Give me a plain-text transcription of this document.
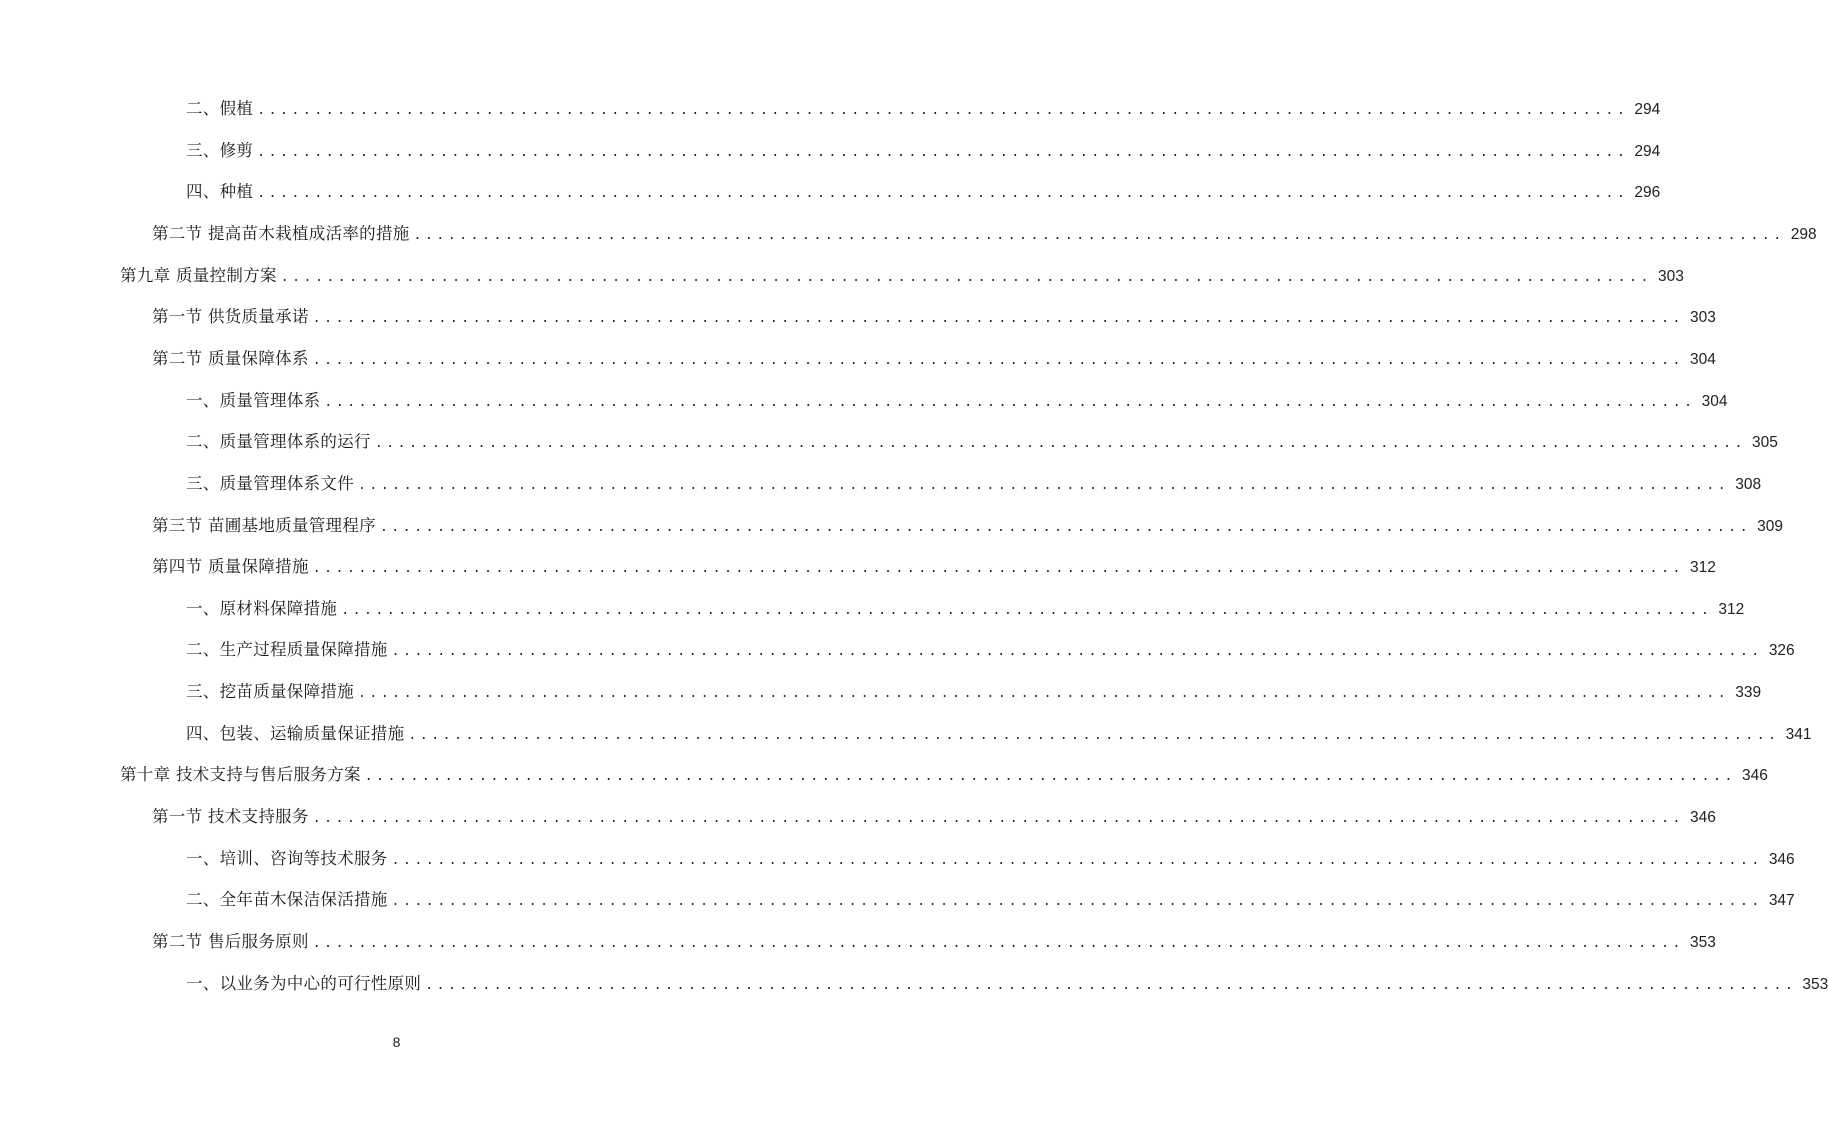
二、假植 ........................................................................................................................ 294
三、修剪 ........................................................................................................................ 294
四、种植 ........................................................................................................................ 296
第二节 提高苗木栽植成活率的措施 ........................................................................................................................ 298
第九章 质量控制方案 ........................................................................................................................ 303
第一节 供货质量承诺 ........................................................................................................................ 303
第二节 质量保障体系 ........................................................................................................................ 304
一、质量管理体系 ........................................................................................................................ 304
二、质量管理体系的运行 ........................................................................................................................ 305
三、质量管理体系文件 ........................................................................................................................ 308
第三节 苗圃基地质量管理程序 ........................................................................................................................ 309
第四节 质量保障措施 ........................................................................................................................ 312
一、原材料保障措施 ........................................................................................................................ 312
二、生产过程质量保障措施 ........................................................................................................................ 326
三、挖苗质量保障措施 ........................................................................................................................ 339
四、包装、运输质量保证措施 ........................................................................................................................ 341
第十章 技术支持与售后服务方案 ........................................................................................................................ 346
第一节 技术支持服务 ........................................................................................................................ 346
一、培训、咨询等技术服务 ........................................................................................................................ 346
二、全年苗木保洁保活措施 ........................................................................................................................ 347
第二节 售后服务原则 ........................................................................................................................ 353
一、以业务为中心的可行性原则 ........................................................................................................................ 353
8
